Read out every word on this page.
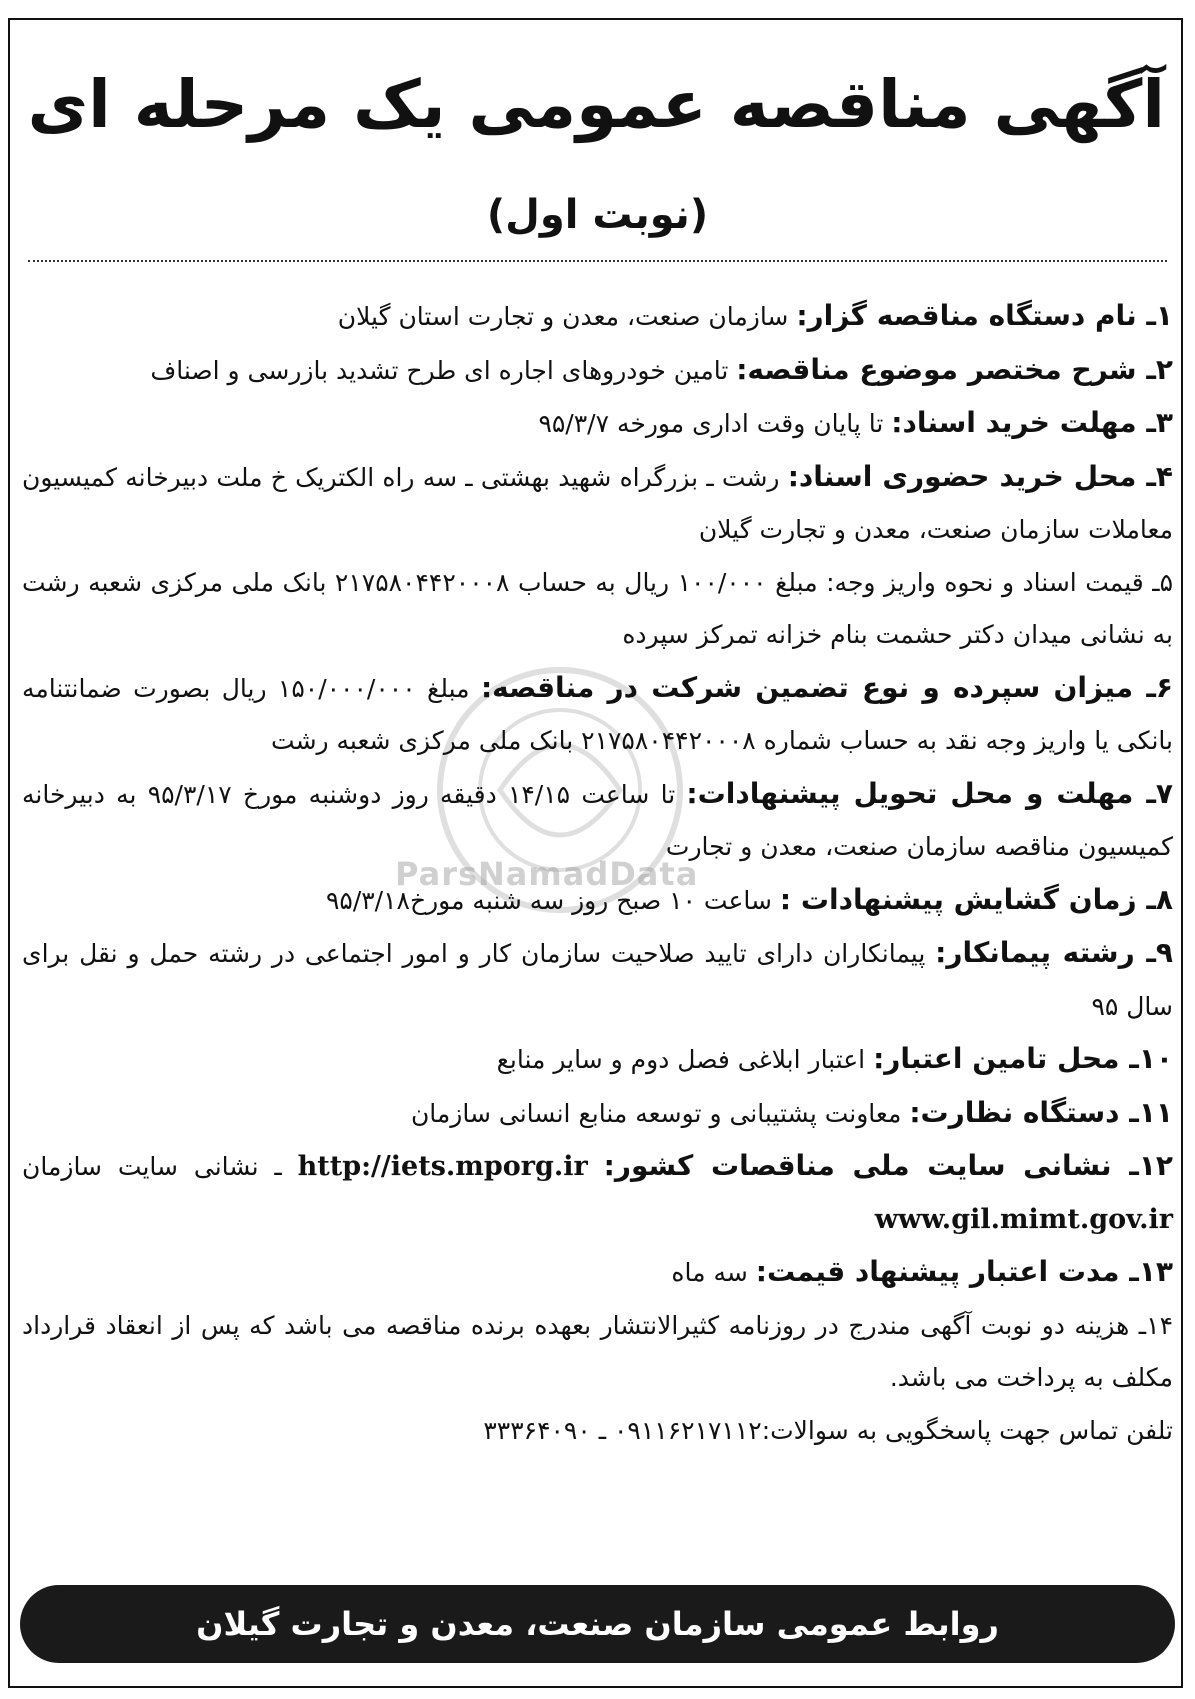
آگهی مناقصه عمومی یک مرحله ای
(نوبت اول)
ParsNamadData

۱ـ نام دستگاه مناقصه گزار: سازمان صنعت، معدن و تجارت استان گیلان

۲ـ شرح مختصر موضوع مناقصه: تامین خودروهای اجاره ای طرح تشدید بازرسی و اصناف

۳ـ مهلت خرید اسناد: تا پایان وقت اداری مورخه ۹۵/۳/۷

۴ـ محل خرید حضوری اسناد: رشت ـ بزرگراه شهید بهشتی ـ سه راه الکتریک خ ملت دبیرخانه کمیسیون معاملات سازمان صنعت، معدن و تجارت گیلان

۵ـ قیمت اسناد و نحوه واریز وجه: مبلغ ۱۰۰/۰۰۰ ریال به حساب ۲۱۷۵۸۰۴۴۲۰۰۰۸ بانک ملی مرکزی شعبه رشت به نشانی میدان دکتر حشمت بنام خزانه تمرکز سپرده

۶ـ میزان سپرده و نوع تضمین شرکت در مناقصه: مبلغ ۱۵۰/۰۰۰/۰۰۰ ریال بصورت ضمانتنامه بانکی یا واریز وجه نقد به حساب شماره ۲۱۷۵۸۰۴۴۲۰۰۰۸ بانک ملی مرکزی شعبه رشت

۷ـ مهلت و محل تحویل پیشنهادات: تا ساعت ۱۴/۱۵ دقیقه روز دوشنبه مورخ ۹۵/۳/۱۷ به دبیرخانه کمیسیون مناقصه سازمان صنعت، معدن و تجارت

۸ـ زمان گشایش پیشنهادات : ساعت ۱۰ صبح روز سه شنبه مورخ۹۵/۳/۱۸

۹ـ رشته پیمانکار: پیمانکاران دارای تایید صلاحیت سازمان کار و امور اجتماعی در رشته حمل و نقل برای سال ۹۵

۱۰ـ محل تامین اعتبار: اعتبار ابلاغی فصل دوم و سایر منابع

۱۱ـ دستگاه نظارت: معاونت پشتیبانی و توسعه منابع انسانی سازمان

۱۲ـ نشانی سایت ملی مناقصات کشور: http://iets.mporg.ir ـ نشانی سایت سازمان www.gil.mimt.gov.ir

۱۳ـ مدت اعتبار پیشنهاد قیمت: سه ماه

۱۴ـ هزینه دو نوبت آگهی مندرج در روزنامه کثیرالانتشار بعهده برنده مناقصه می باشد که پس از انعقاد قرارداد مکلف به پرداخت می باشد.

تلفن تماس جهت پاسخگویی به سوالات:۰۹۱۱۶۲۱۷۱۱۲ ـ ۳۳۳۶۴۰۹۰

روابط عمومی سازمان صنعت، معدن و تجارت گیلان
